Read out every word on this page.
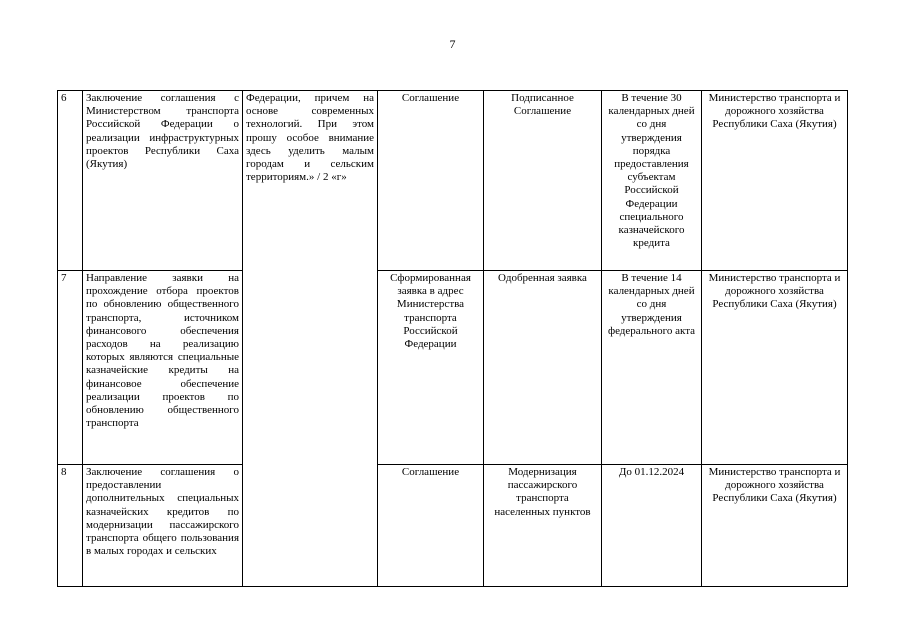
7
6	Заключение соглашения с Министерством транспорта Российской Федерации о реализации инфраструктурных проектов Республики Саха (Якутия)	Федерации, причем на основе современных технологий. При этом прошу особое внимание здесь уделить малым городам и сельским территориям.» / 2 «г»	Соглашение	Подписанное Соглашение	В течение 30 календарных дней со дня утверждения порядка предоставления субъектам Российской Федерации специального казначейского кредита	Министерство транспорта и дорожного хозяйства Республики Саха (Якутия)
7	Направление заявки на прохождение отбора проектов по обновлению общественного транспорта, источником финансового обеспечения расходов на реализацию которых являются специальные казначейские кредиты на финансовое обеспечение реализации проектов по обновлению общественного транспорта		Сформированная заявка в адрес Министерства транспорта Российской Федерации	Одобренная заявка	В течение 14 календарных дней со дня утверждения федерального акта	Министерство транспорта и дорожного хозяйства Республики Саха (Якутия)
8	Заключение соглашения о предоставлении дополнительных специальных казначейских кредитов по модернизации пассажирского транспорта общего пользования в малых городах и сельских		Соглашение	Модернизация пассажирского транспорта населенных пунктов	До 01.12.2024	Министерство транспорта и дорожного хозяйства Республики Саха (Якутия)
